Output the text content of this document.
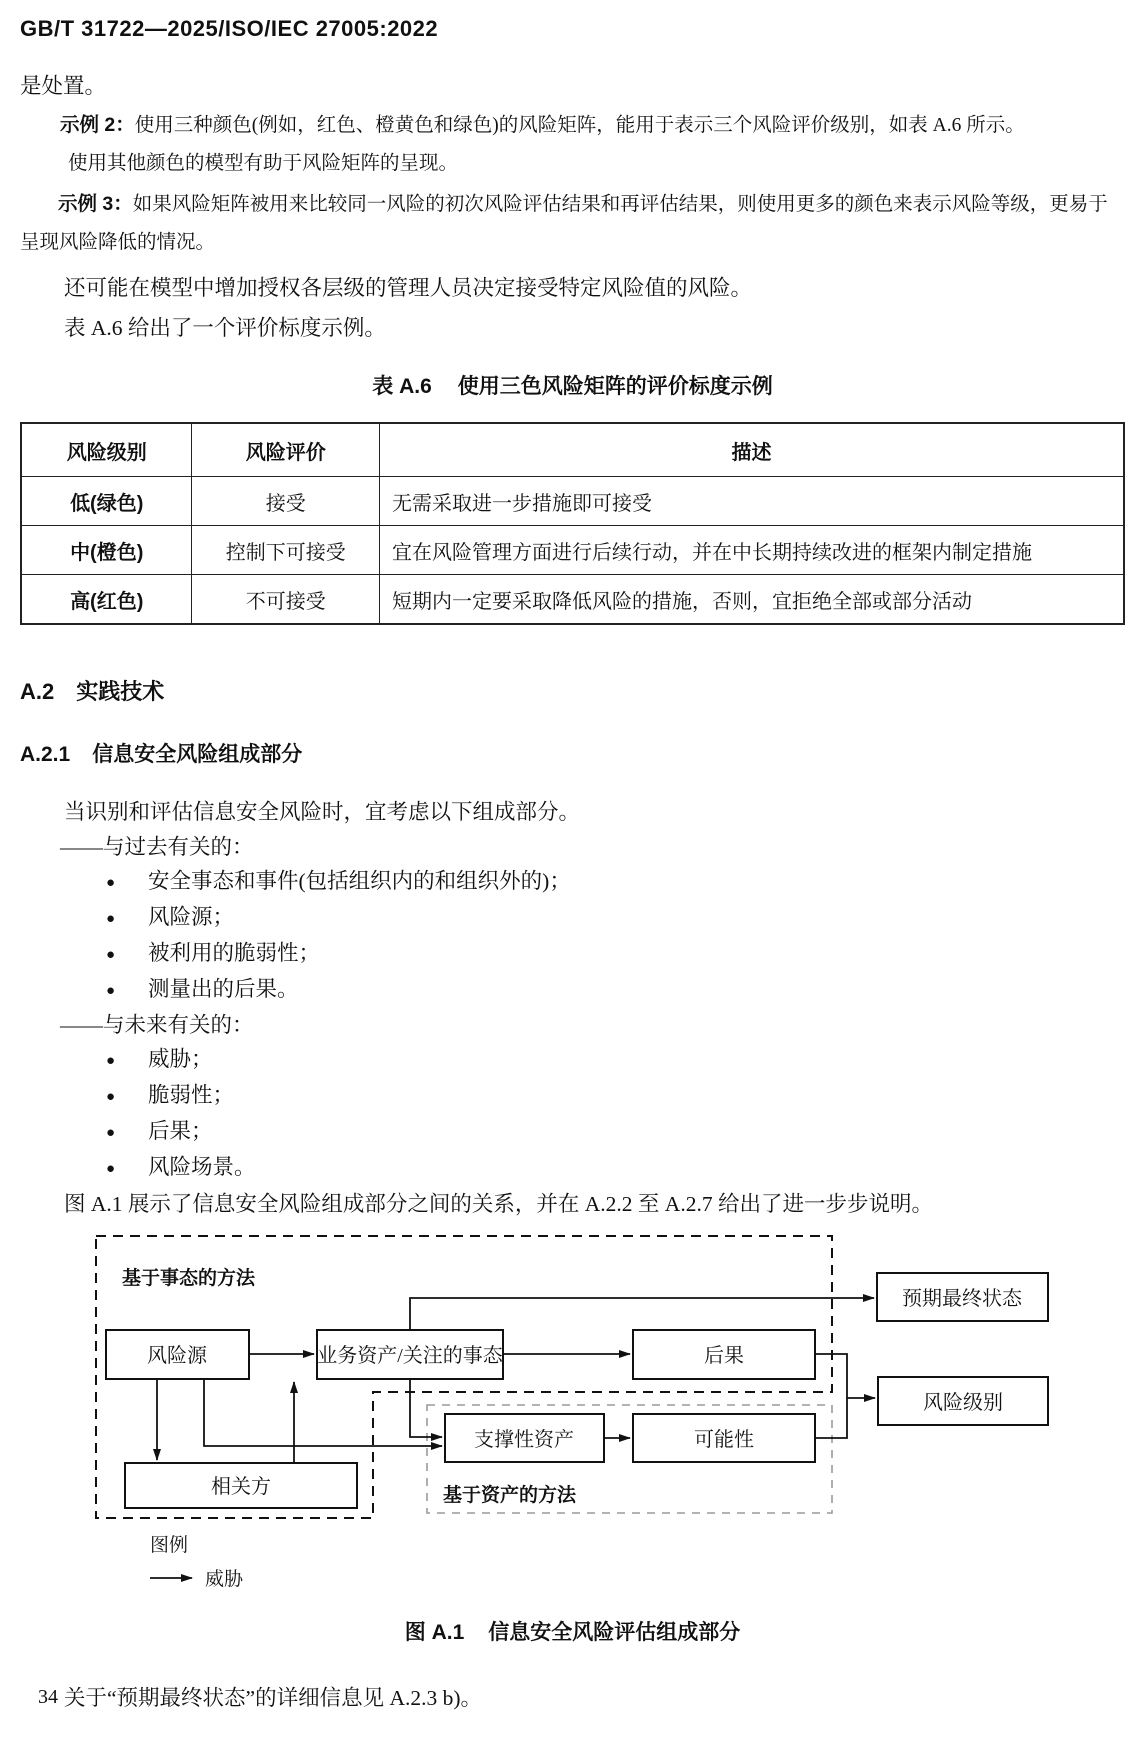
GB/T 31722—2025/ISO/IEC 27005:2022

是处置。

示例 2：使用三种颜色(例如，红色、橙黄色和绿色)的风险矩阵，能用于表示三个风险评价级别，如表 A.6 所示。
使用其他颜色的模型有助于风险矩阵的呈现。
示例 3：如果风险矩阵被用来比较同一风险的初次风险评估结果和再评估结果，则使用更多的颜色来表示风险等级，更易于呈现风险降低的情况。

还可能在模型中增加授权各层级的管理人员决定接受特定风险值的风险。

表 A.6 给出了一个评价标度示例。

表 A.6 使用三色风险矩阵的评价标度示例

风险级别	风险评价	描述
低(绿色)	接受	无需采取进一步措施即可接受
中(橙色)	控制下可接受	宜在风险管理方面进行后续行动，并在中长期持续改进的框架内制定措施
高(红色)	不可接受	短期内一定要采取降低风险的措施，否则，宜拒绝全部或部分活动

A.2 实践技术

A.2.1 信息安全风险组成部分

当识别和评估信息安全风险时，宜考虑以下组成部分。

——与过去有关的：

● 安全事态和事件(包括组织内的和组织外的)；

● 风险源；

● 被利用的脆弱性；

● 测量出的后果。

——与未来有关的：

● 威胁；

● 脆弱性；

● 后果；

● 风险场景。

图 A.1 展示了信息安全风险组成部分之间的关系，并在 A.2.2 至 A.2.7 给出了进一步步说明。

基于事态的方法
基于资产的方法
风险源	业务资产/关注的事态	后果
预期最终状态
风险级别
支撑性资产	可能性
相关方
图例
威胁

图 A.1 信息安全风险评估组成部分

关于“预期最终状态”的详细信息见 A.2.3 b)。

34
